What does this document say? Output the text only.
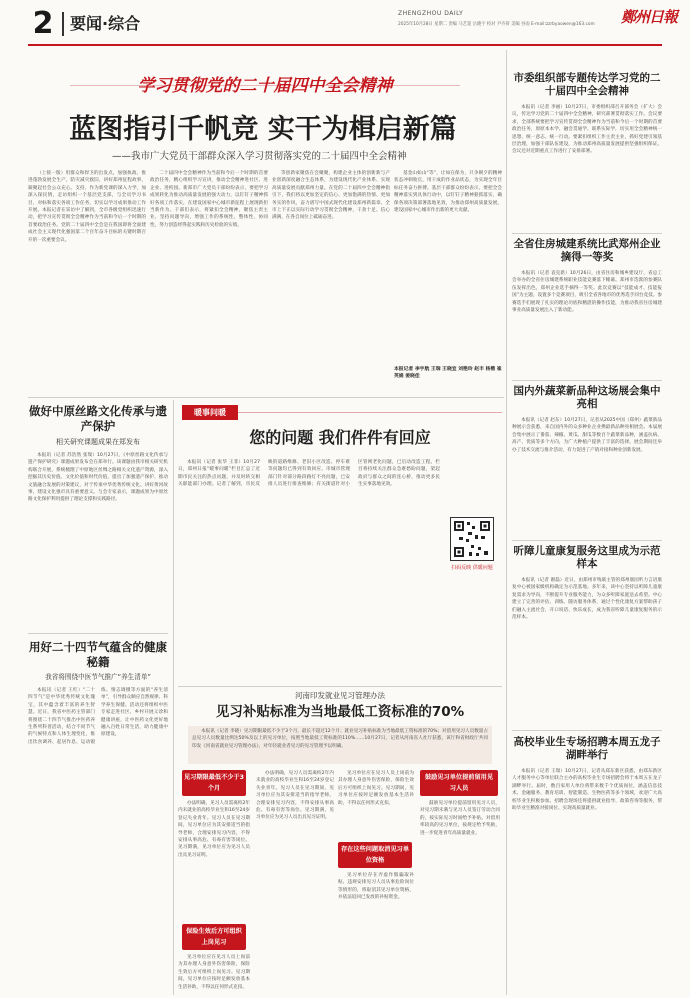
2 要闻·综合
ZHENGZHOU DAILY
2025年10月28日 星期二 责编 马艺超 岳晓宇 校对 尹卉荷 美编 谷雨 E-mail:zzrbyaowen@163.com	鄭州日報
学习贯彻党的二十届四中全会精神
蓝图指引千帆竞 实干为楫启新篇
——我市广大党员干部群众深入学习贯彻落实党的二十届四中全会精神

（上接一版）用群众和捍卫的出发点，加强执政、推进蓬勃发展全生产，防灾减灾救旧，讲好郑州征程故事，凝聚起社会公众充心。支持、作为新党课的深入力学，加深入探民情，走访组织一个基层党支部，与全员学习书目，对标和落实各项工作任务，切实以学习成果推动工作开展。本报记者在采访中了解到，全市各级党组织迅速行动，把学习宣传贯彻全会精神作为当前和今后一个时期的首要政治任务。党的二十届四中全会是在我国即将全面建成社会主义现代化强国第二个百年奋斗目标的关键时期召开的一次重要会议。

二十届四中全会精神作为当前和今后一个时期的首要政治任务，精心组织学习宣讲，推动全会精神进社区、进企业、进校园。新郑市广大党员干部纷纷表示，要把学习成果转化为推动高质量发展的强大动力，以钉钉子精神抓好各项工作落实，在建设国家中心城市新征程上展现新担当新作为。干部们表示，将紧扣全会精神，聚焦主责主业，坚持问题导向，增强工作的系统性、整体性、协同性，努力创造经得起实践和历史检验的实绩。

等创新家聚焦在会聚聚，构建企业主体的创新新与产业创新深度融合生态体系，为建设现代化产业体系、实现高质量发展贡献郑州力量。在党的二十届四中全会精神指引下，我们将以更加坚定的信心、更加饱满的热情、更加务实的作风，奋力谱写中国式现代化建设郑州新篇章。全市上下正以实际行动学习贯彻全会精神，干劲十足、信心满满，在各自岗位上砥砺奋进。

基金山如山“等”，让如在保为，只争朝夕的精神状态冲刺收官，用干成的作业品状态，为实现全年目标任务奋力拼搏。基层干部群众纷纷表示，要把全会精神落实到具体行动中，以钉钉子精神狠抓落实，确保各项决策部署落地见效，为推动郑州高质量发展、建设国家中心城市作出新的更大贡献。

本报记者 李宇航 王瑞 王晓宜 刘艳玲 赵丰 杨楷 崔英娟 姜晓佳
市委组织部专题传达学习党的二十届四中全会精神

本报讯（记者 李丽）10月27日，市委组织部召开部务会（扩大）会议，传达学习党的二十届四中全会精神，研究部署贯彻落实工作。会议要求，全部系统要把学习宣传贯彻全会精神作为当前和今后一个时期的首要政治任务，原原本本学、融会贯通学、联系实际学，切实用全会精神统一思想、统一意志、统一行动。要紧扣组织工作主责主业，抓好党建引领基层治理，加强干部队伍建设，为推动郑州高质量发展提供坚强组织保证。会议还对近期重点工作进行了安排部署。

全省住房城建系统比武郑州企业摘得一等奖

本报讯（记者 袁克新）10月26日，由省住房和城乡建设厅、省总工会举办的全省住房城建系统职业技能竞赛落下帷幕。郑州市选派的参赛队伍发挥出色，郑州企业选手摘得一等奖。此次竞赛以“技能成才、技能报国”为主题，设置多个竞赛项目，吸引全省各地市的优秀选手同台竞技。参赛选手们展现了扎实的理论功底和精湛的操作技能，为推动我省住房城建事业高质量发展注入了新动能。

国内外蔬菜新品种这场展会集中亮相

本报讯（记者 赵东）10月27日，记者从2025中国（郑州）蔬菜新品种展示会获悉，来自国内外的众多种业企业携最新品种亮相展会。本届展会集中展示了番茄、辣椒、黄瓜、甜瓜等数百个蔬菜新品种，涵盖抗病、高产、优质等多个方向，为广大种植户提供了丰富的选择。展会期间还举办了技术交流与推介活动，有力促进了产销对接和种业创新发展。

听障儿童康复服务这里成为示范样本

本报讯（记者 谢磊）近日，由郑州市残联主管的郑州康园听力言语康复中心被国家级机构确定为示范基地。多年来，该中心坚持以听障儿童康复需求为导向，不断提升专业服务能力，为众多听障家庭送去希望。中心建立了完善的评估、训练、随访服务体系，通过个性化康复方案帮助孩子们融入主流社会，开口说话、快乐成长，成为我省听障儿童康复服务的示范样本。

高校毕业生专场招聘本周五龙子湖畔举行

本报讯（记者 王瑞）10月27日，记者从郑东新区获悉，由郑东新区人才服务中心等单位联合主办的高校毕业生专场招聘会将于本周五在龙子湖畔举行。届时，数百家用人单位将带来数千个优质岗位，涵盖信息技术、金融服务、教育培训、智能制造、生物医药等多个领域，欢迎广大高校毕业生积极参加。招聘会现场还将提供就业指导、政策咨询等服务，帮助毕业生精准对接岗位、实现高质量就业。

做好中原丝路文化传承与遗产保护
相关研究课题成果在郑发布

本报讯（记者 苏浩然 张瑞）10月27日，《中原丝路文化传承与遗产保护研究》课题成果发布会在郑举行。该课题由我市相关研究机构联合开展，系统梳理了中原地区丝绸之路相关文化遗产资源，深入挖掘其历史价值、文化价值和时代价值，提出了加强遗产保护、推动文旅融合发展的对策建议，对于传承中华优秀传统文化、讲好黄河故事、建设文化强市具有重要意义。与会专家表示，课题成果为中原丝路文化保护利用提供了理论支撑和实践路径。

暖事问暖
您的问题 我们件件有回应

本报讯（记者 张华 王菲）10月27日，郑州日报“暖事问暖”栏目汇总了近期市民关注的热点问题，并及时转交相关职能部门办理。记者了解到，市民反映的道路维修、老旧小区改造、停车难等问题均已得到有效回应。市城市管理部门针对部分路段路灯不亮问题，已安排人员进行排查维修；有关街道针对小区管网老化问题，已启动改造工程。栏目将持续关注群众急难愁盼问题，架起政府与群众之间的连心桥，推动更多民生实事落地见效。

扫码反映 供暖问题
用好二十四节气蕴含的健康秘籍
我省将围绕中医节气推广“养生清单”

本报讯（记者 王红）“二十四节气”是中华优秀传统文化瑰宝，其中蕴含着丰富的养生智慧。近日，我省中医药主管部门将围绕二十四节气推出中医药养生系列科普活动，结合不同节气的气候特点和人体生理变化，推出饮食调养、起居作息、运动锻炼、情志调摄等方面的“养生清单”，引导群众顺应自然规律、科学养生保健。活动还将组织中医专家走进社区、乡村开展义诊和健康讲座，让中医药文化更好地融入百姓日常生活，助力健康中原建设。

河南印发就业见习管理办法
见习补贴标准为当地最低工资标准的70%

本报讯（记者 李晓）见习期限最低不少于3个月，最长不超过12个月；就业见习补贴标准为当地最低工资标准的70%；对留用见习人员数量占总见习人员数量比例达50%及以上的见习单位，按照当地最低工资标准的110%……10月27日，记者从河南省人社厅获悉，该厅和省财政厅共同印发《河南省就业见习管理办法》，对年轻就业者见习的见习管理予以明确。

见习期限最低不少于3个月

办法明确，见习人员需离校2年内未就业的高校毕业生和16至24岁登记失业青年。见习人员在见习期间，见习单位应为其安排适当的指导老师，合理安排见习内容，不得安排从事高危、有毒有害等岗位。见习期满，见习单位应为见习人员出具见习证明。

保险生效后方可组织上岗见习

见习单位应在见习人员上岗前为其办理人身意外伤害保险，保险生效后方可组织上岗见习。见习期间，见习单位应按时足额发放基本生活补助，不得以任何形式克扣。

办法明确，见习人员需离校2年内未就业的高校毕业生和16至24岁登记失业青年。见习人员在见习期间，见习单位应为其安排适当的指导老师，合理安排见习内容，不得安排从事高危、有毒有害等岗位。见习期满，见习单位应为见习人员出具见习证明。

存在这些问题取消见习单位资格

见习单位应在见习人员上岗前为其办理人身意外伤害保险，保险生效后方可组织上岗见习。见习期间，见习单位应按时足额发放基本生活补助，不得以任何形式克扣。

见习单位存在弄虚作假骗取补贴、违规安排见习人员从事危险岗位等情形的，将取消其见习单位资格，并依法追回已发放的补贴资金。

鼓励见习单位提前留用见习人员

鼓励见习单位提前留用见习人员，对见习期未满与见习人员签订劳动合同的，按实际见习时间给予补贴。对留用率较高的见习单位，按规定给予奖励，进一步促进青年高质量就业。
